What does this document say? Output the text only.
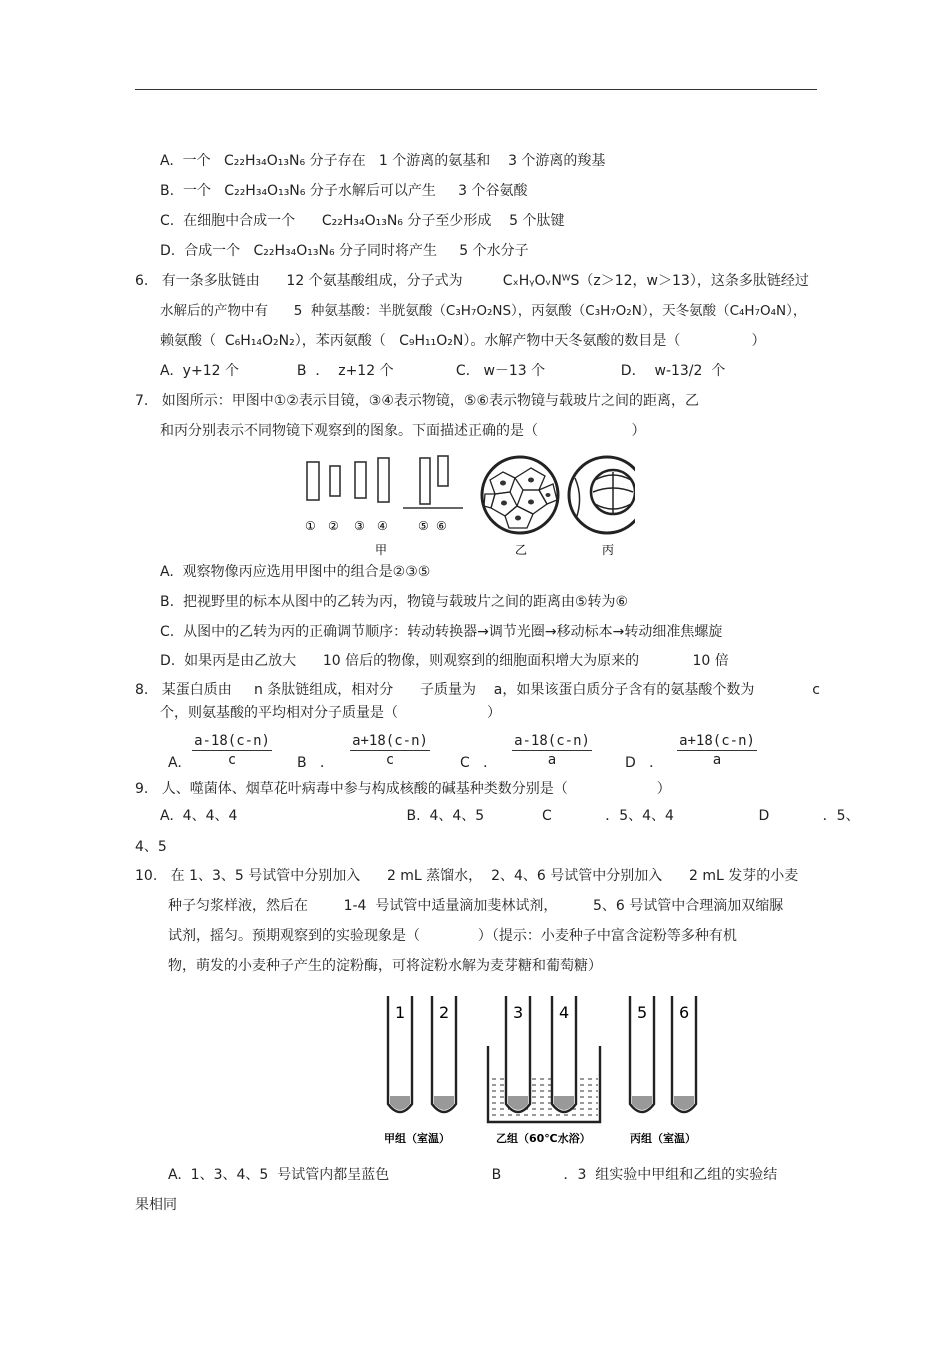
A.  一个   C₂₂H₃₄O₁₃N₆ 分子存在   1 个游离的氨基和    3 个游离的羧基
B.  一个   C₂₂H₃₄O₁₃N₆ 分子水解后可以产生     3 个谷氨酸
C.  在细胞中合成一个      C₂₂H₃₄O₁₃N₆ 分子至少形成    5 个肽键
D.  合成一个   C₂₂H₃₄O₁₃N₆ 分子同时将产生     5 个水分子
6.   有一条多肽链由      12 个氨基酸组成，分子式为         CₓHᵧOᵥNᵂS（z＞12，w＞13），这条多肽链经过
水解后的产物中有      5  种氨基酸：半胱氨酸（C₃H₇O₂NS），丙氨酸（C₃H₇O₂N），天冬氨酸（C₄H₇O₄N），
赖氨酸（  C₆H₁₄O₂N₂），苯丙氨酸（   C₉H₁₁O₂N）。水解产物中天冬氨酸的数目是（                ）
A.  y+12 个             B  ．  z+12 个              C.   w－13 个                 D．  w-13/2  个
7.   如图所示：甲图中①②表示目镜，③④表示物镜，⑤⑥表示物镜与载玻片之间的距离，乙
和丙分别表示不同物镜下观察到的图象。下面描述正确的是（                     ）
① ② ③ ④	⑤ ⑥
甲	乙	丙
A.  观察物像丙应选用甲图中的组合是②③⑤
B.  把视野里的标本从图中的乙转为丙，物镜与载玻片之间的距离由⑤转为⑥
C.  从图中的乙转为丙的正确调节顺序：转动转换器→调节光圈→移动标本→转动细准焦螺旋
D.  如果丙是由乙放大      10 倍后的物像，则观察到的细胞面积增大为原来的            10 倍
8.   某蛋白质由     n 条肽链组成，相对分      子质量为    a，如果该蛋白质分子含有的氨基酸个数为             c
个，则氨基酸的平均相对分子质量是（                    ）
A. $\frac{a-18(c-n)}{c}$ B   ． $\frac{a+18(c-n)}{c}$ C   ． $\frac{a-18(c-n)}{a}$ D   ． $\frac{a+18(c-n)}{a}$
9.   人、噬菌体、烟草花叶病毒中参与构成核酸的碱基种类数分别是（                    ）
A.  4、4、4                                      B.  4、4、5             C            ．5、4、4                   D            ．5、
4、5
10.   在 1、3、5 号试管中分别加入      2 mL 蒸馏水，  2、4、6 号试管中分别加入      2 mL 发芽的小麦
种子匀浆样液，然后在        1-4  号试管中适量滴加斐林试剂，        5、6 号试管中合理滴加双缩脲
试剂，摇匀。预期观察到的实验现象是（             ）（提示：小麦种子中富含淀粉等多种有机
物，萌发的小麦种子产生的淀粉酶，可将淀粉水解为麦芽糖和葡萄糖）
1 2	3 4	5 6
甲组（室温）	乙组（60℃水浴）	丙组（室温）
A.  1、3、4、5  号试管内都呈蓝色                       B              ．3  组实验中甲组和乙组的实验结
果相同
